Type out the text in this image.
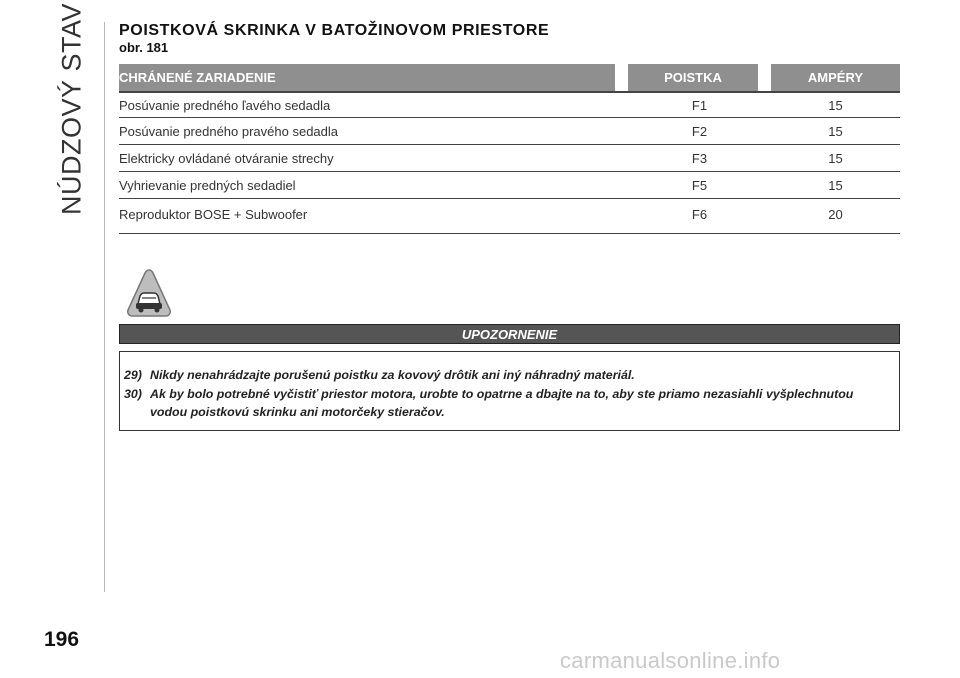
NÚDZOVÝ STAV
196
POISTKOVÁ SKRINKA V BATOŽINOVOM PRIESTORE
obr. 181
CHRÁNENÉ ZARIADENIE	POISTKA	AMPÉRY
Posúvanie predného ľavého sedadla	F1	15
Posúvanie predného pravého sedadla	F2	15
Elektricky ovládané otváranie strechy	F3	15
Vyhrievanie predných sedadiel	F5	15
Reproduktor BOSE + Subwoofer	F6	20
UPOZORNENIE
29) Nikdy nenahrádzajte porušenú poistku za kovový drôtik ani iný náhradný materiál.
30) Ak by bolo potrebné vyčistiť priestor motora, urobte to opatrne a dbajte na to, aby ste priamo nezasiahli vyšplechnutou vodou poistkovú skrinku ani motorčeky stieračov.
carmanualsonline.info
